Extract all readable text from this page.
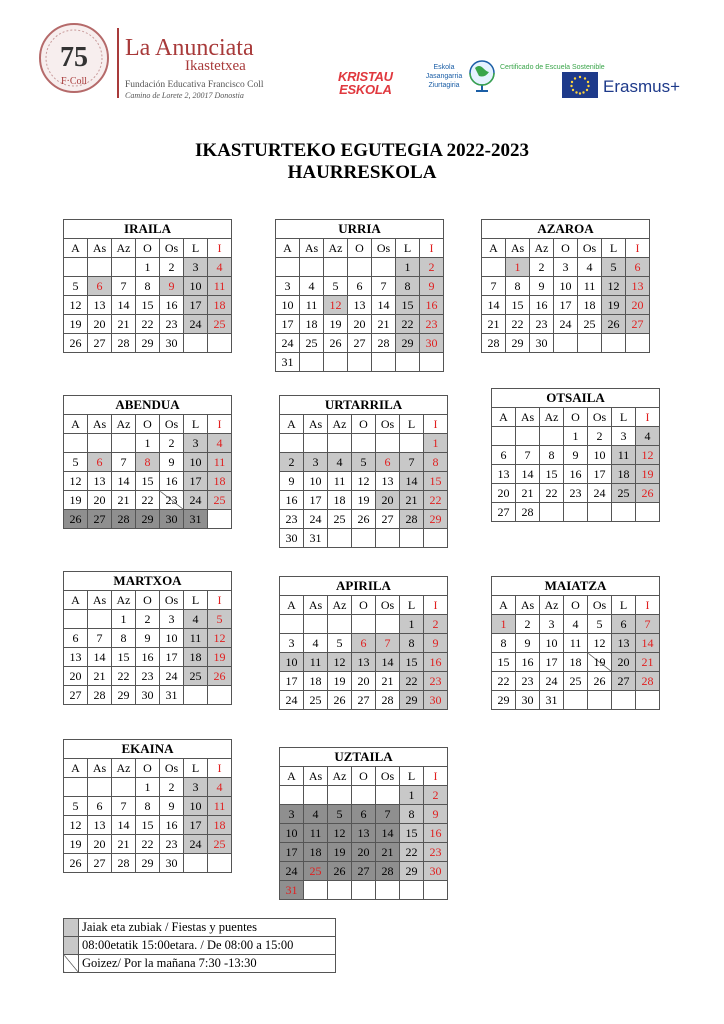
75
F·Coll
La Anunciata
Ikastetxea
Fundación Educativa Francisco Coll
Camino de Lorete 2, 20017 Donostia
KRISTAU
ESKOLA
Eskola Jasangarria Ziurtagiria
Certificado de Escuela Sostenible
Erasmus+
IKASTURTEKO EGUTEGIA 2022-2023
HAURRESKOLA
IRAILA						
A	As	Az	O	Os	L	I
			1	2	3	4
5	6	7	8	9	10	11
12	13	14	15	16	17	18
19	20	21	22	23	24	25
26	27	28	29	30		
URRIA						
A	As	Az	O	Os	L	I
					1	2
3	4	5	6	7	8	9
10	11	12	13	14	15	16
17	18	19	20	21	22	23
24	25	26	27	28	29	30
31						
AZAROA						
A	As	Az	O	Os	L	I
	1	2	3	4	5	6
7	8	9	10	11	12	13
14	15	16	17	18	19	20
21	22	23	24	25	26	27
28	29	30				
ABENDUA						
A	As	Az	O	Os	L	I
			1	2	3	4
5	6	7	8	9	10	11
12	13	14	15	16	17	18
19	20	21	22	23	24	25
26	27	28	29	30	31	
URTARRILA						
A	As	Az	O	Os	L	I
						1
2	3	4	5	6	7	8
9	10	11	12	13	14	15
16	17	18	19	20	21	22
23	24	25	26	27	28	29
30	31					
OTSAILA						
A	As	Az	O	Os	L	I
			1	2	3	4
6	7	8	9	10	11	12
13	14	15	16	17	18	19
20	21	22	23	24	25	26
27	28					
MARTXOA						
A	As	Az	O	Os	L	I
		1	2	3	4	5
6	7	8	9	10	11	12
13	14	15	16	17	18	19
20	21	22	23	24	25	26
27	28	29	30	31		
APIRILA						
A	As	Az	O	Os	L	I
					1	2
3	4	5	6	7	8	9
10	11	12	13	14	15	16
17	18	19	20	21	22	23
24	25	26	27	28	29	30
MAIATZA						
A	As	Az	O	Os	L	I
1	2	3	4	5	6	7
8	9	10	11	12	13	14
15	16	17	18	19	20	21
22	23	24	25	26	27	28
29	30	31				
EKAINA						
A	As	Az	O	Os	L	I
			1	2	3	4
5	6	7	8	9	10	11
12	13	14	15	16	17	18
19	20	21	22	23	24	25
26	27	28	29	30		
UZTAILA						
A	As	Az	O	Os	L	I
					1	2
3	4	5	6	7	8	9
10	11	12	13	14	15	16
17	18	19	20	21	22	23
24	25	26	27	28	29	30
31						
	Jaiak eta zubiak / Fiestas y puentes
	08:00etatik 15:00etara. / De 08:00 a 15:00
	Goizez/ Por la mañana 7:30 -13:30
